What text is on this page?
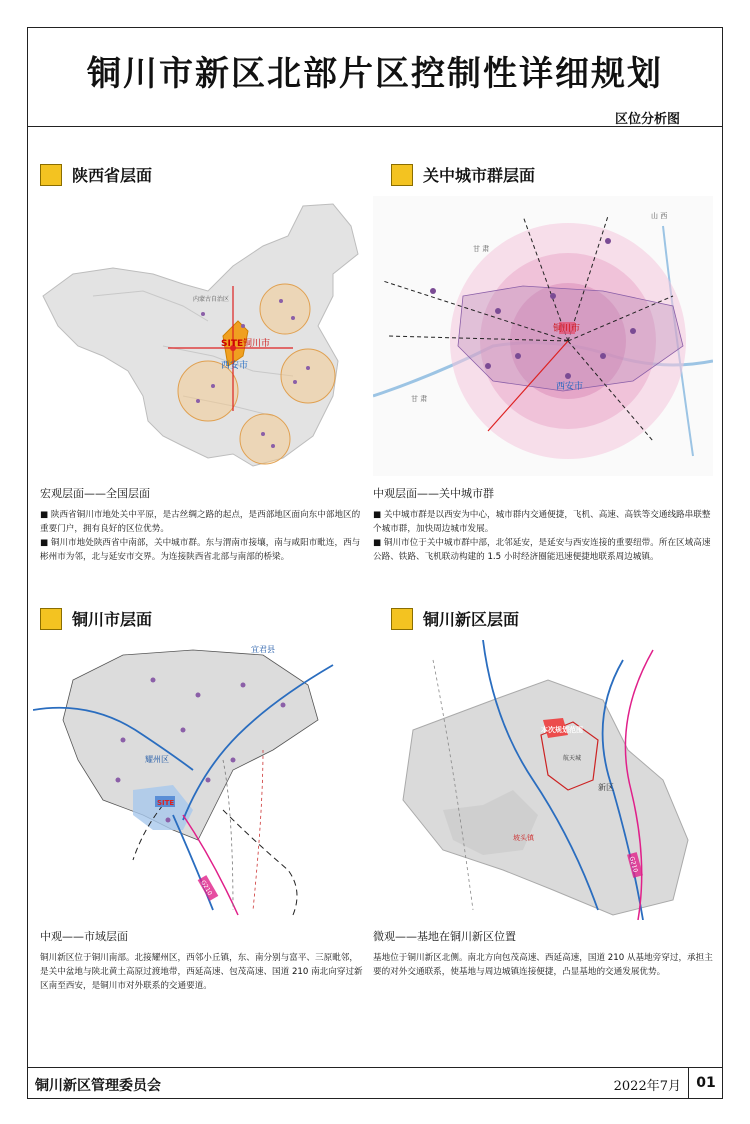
铜川市新区北部片区控制性详细规划
区位分析图
陕西省层面
SITE 铜川市
西安市
内蒙古自治区
宏观层面——全国层面

■ 陕西省铜川市地处关中平原，是古丝绸之路的起点，是西部地区面向东中部地区的重要门户，拥有良好的区位优势。

■ 铜川市地处陕西省中南部，关中城市群。东与渭南市接壤，南与咸阳市毗连，西与彬州市为邻，北与延安市交界。为连接陕西省北部与南部的桥梁。

关中城市群层面
铜川市
西安市
甘 肃
甘 肃
山 西
中观层面——关中城市群

■ 关中城市群是以西安为中心，城市群内交通便捷，飞机、高速、高铁等交通线路串联整个城市群，加快周边城市发展。

■ 铜川市位于关中城市群中部，北邻延安，是延安与西安连接的重要纽带。所在区域高速公路、铁路、飞机联动构建的 1.5 小时经济圈能迅速便捷地联系周边城镇。

铜川市层面
SITE
耀州区
宜君县
G210
中观——市域层面

铜川新区位于铜川南部。北接耀州区，西邻小丘镇，东、南分别与富平、三原毗邻，是关中盆地与陕北黄土高原过渡地带，西延高速、包茂高速、国道 210 南北向穿过新区南至西安，是铜川市对外联系的交通要道。

铜川新区层面
本次规划范围
航天城
新区
坡头镇
G210
微观——基地在铜川新区位置

基地位于铜川新区北侧。南北方向包茂高速、西延高速，国道 210 从基地旁穿过，承担主要的对外交通联系，使基地与周边城镇连接便捷，凸显基地的交通发展优势。

铜川新区管理委员会	2022年7月	01
